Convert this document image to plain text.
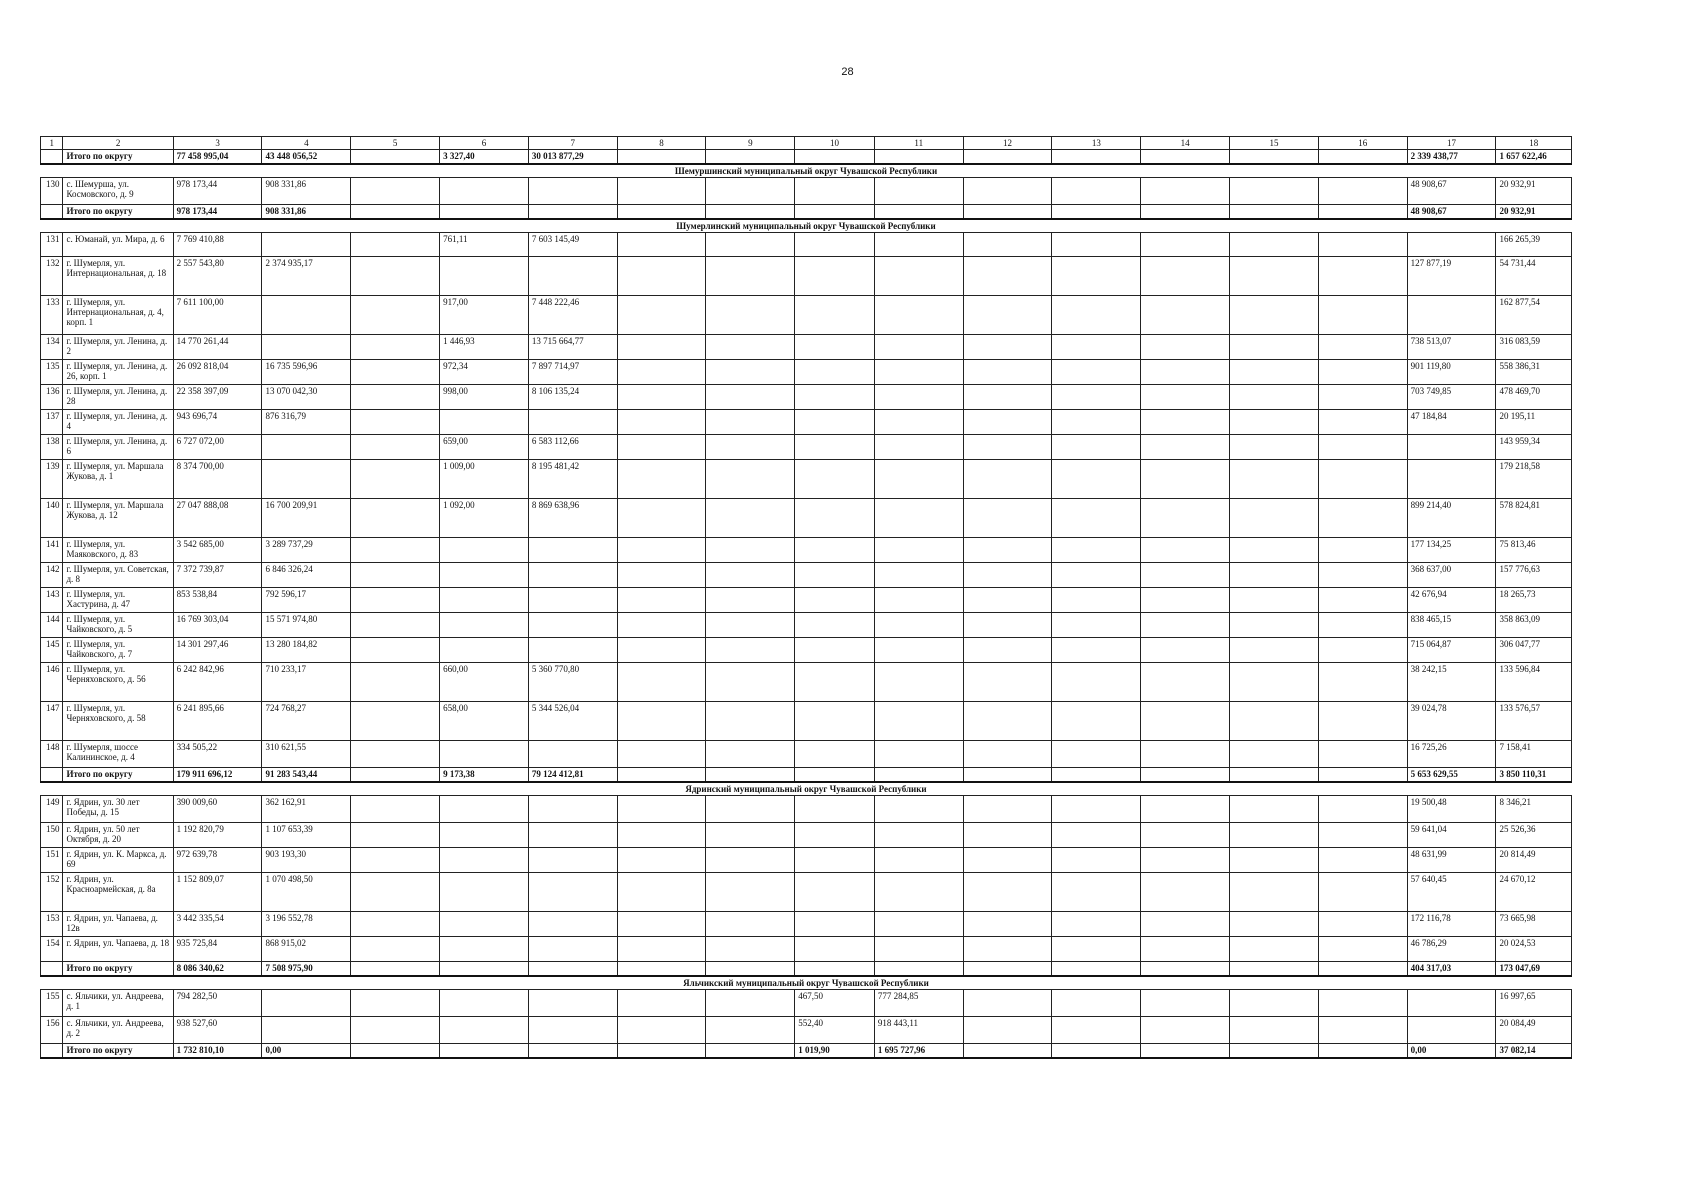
28
1	2	3	4	5	6	7	8	9	10	11	12	13	14	15	16	17	18
	Итого по округу	77 458 995,04	43 448 056,52		3 327,40	30 013 877,29										2 339 438,77	1 657 622,46
Шемуршинский муниципальный округ Чувашской Республики																	
130	с. Шемурша, ул. Космовского, д. 9	978 173,44	908 331,86													48 908,67	20 932,91
	Итого по округу	978 173,44	908 331,86													48 908,67	20 932,91
Шумерлинский муниципальный округ Чувашской Республики																	
131	с. Юманай, ул. Мира, д. 6	7 769 410,88			761,11	7 603 145,49											166 265,39
132	г. Шумерля, ул. Интернациональная, д. 18	2 557 543,80	2 374 935,17													127 877,19	54 731,44
133	г. Шумерля, ул. Интернациональная, д. 4, корп. 1	7 611 100,00			917,00	7 448 222,46											162 877,54
134	г. Шумерля, ул. Ленина, д. 2	14 770 261,44			1 446,93	13 715 664,77										738 513,07	316 083,59
135	г. Шумерля, ул. Ленина, д. 26, корп. 1	26 092 818,04	16 735 596,96		972,34	7 897 714,97										901 119,80	558 386,31
136	г. Шумерля, ул. Ленина, д. 28	22 358 397,09	13 070 042,30		998,00	8 106 135,24										703 749,85	478 469,70
137	г. Шумерля, ул. Ленина, д. 4	943 696,74	876 316,79													47 184,84	20 195,11
138	г. Шумерля, ул. Ленина, д. 6	6 727 072,00			659,00	6 583 112,66											143 959,34
139	г. Шумерля, ул. Маршала Жукова, д. 1	8 374 700,00			1 009,00	8 195 481,42											179 218,58
140	г. Шумерля, ул. Маршала Жукова, д. 12	27 047 888,08	16 700 209,91		1 092,00	8 869 638,96										899 214,40	578 824,81
141	г. Шумерля, ул. Маяковского, д. 83	3 542 685,00	3 289 737,29													177 134,25	75 813,46
142	г. Шумерля, ул. Советская, д. 8	7 372 739,87	6 846 326,24													368 637,00	157 776,63
143	г. Шумерля, ул. Хастурина, д. 47	853 538,84	792 596,17													42 676,94	18 265,73
144	г. Шумерля, ул. Чайковского, д. 5	16 769 303,04	15 571 974,80													838 465,15	358 863,09
145	г. Шумерля, ул. Чайковского, д. 7	14 301 297,46	13 280 184,82													715 064,87	306 047,77
146	г. Шумерля, ул. Черняховского, д. 56	6 242 842,96	710 233,17		660,00	5 360 770,80										38 242,15	133 596,84
147	г. Шумерля, ул. Черняховского, д. 58	6 241 895,66	724 768,27		658,00	5 344 526,04										39 024,78	133 576,57
148	г. Шумерля, шоссе Калининское, д. 4	334 505,22	310 621,55													16 725,26	7 158,41
	Итого по округу	179 911 696,12	91 283 543,44		9 173,38	79 124 412,81										5 653 629,55	3 850 110,31
Ядринский муниципальный округ Чувашской Республики																	
149	г. Ядрин, ул. 30 лет Победы, д. 15	390 009,60	362 162,91													19 500,48	8 346,21
150	г. Ядрин, ул. 50 лет Октября, д. 20	1 192 820,79	1 107 653,39													59 641,04	25 526,36
151	г. Ядрин, ул. К. Маркса, д. 69	972 639,78	903 193,30													48 631,99	20 814,49
152	г. Ядрин, ул. Красноармейская, д. 8а	1 152 809,07	1 070 498,50													57 640,45	24 670,12
153	г. Ядрин, ул. Чапаева, д. 12в	3 442 335,54	3 196 552,78													172 116,78	73 665,98
154	г. Ядрин, ул. Чапаева, д. 18	935 725,84	868 915,02													46 786,29	20 024,53
	Итого по округу	8 086 340,62	7 508 975,90													404 317,03	173 047,69
Яльчикский муниципальный округ Чувашской Республики																	
155	с. Яльчики, ул. Андреева, д. 1	794 282,50							467,50	777 284,85							16 997,65
156	с. Яльчики, ул. Андреева, д. 2	938 527,60							552,40	918 443,11							20 084,49
	Итого по округу	1 732 810,10	0,00						1 019,90	1 695 727,96						0,00	37 082,14
